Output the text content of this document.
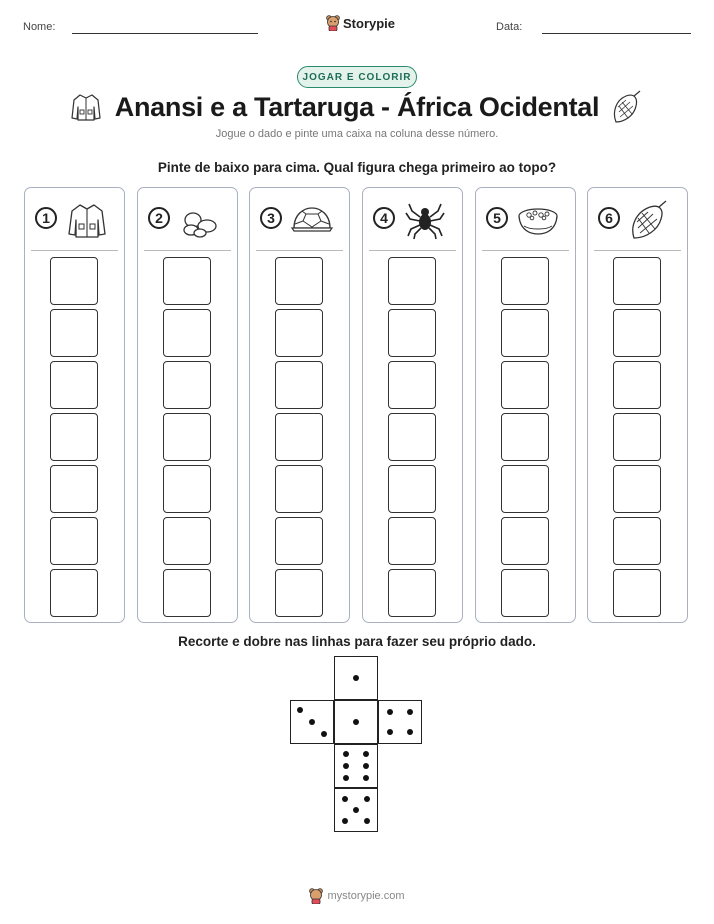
Nome:	Storypie	Data:
JOGAR E COLORIR
Anansi e a Tartaruga - África Ocidental
Jogue o dado e pinte uma caixa na coluna desse número.
Pinte de baixo para cima. Qual figura chega primeiro ao topo?
1	2	3	4	5	6
Recorte e dobre nas linhas para fazer seu próprio dado.
mystorypie.com
